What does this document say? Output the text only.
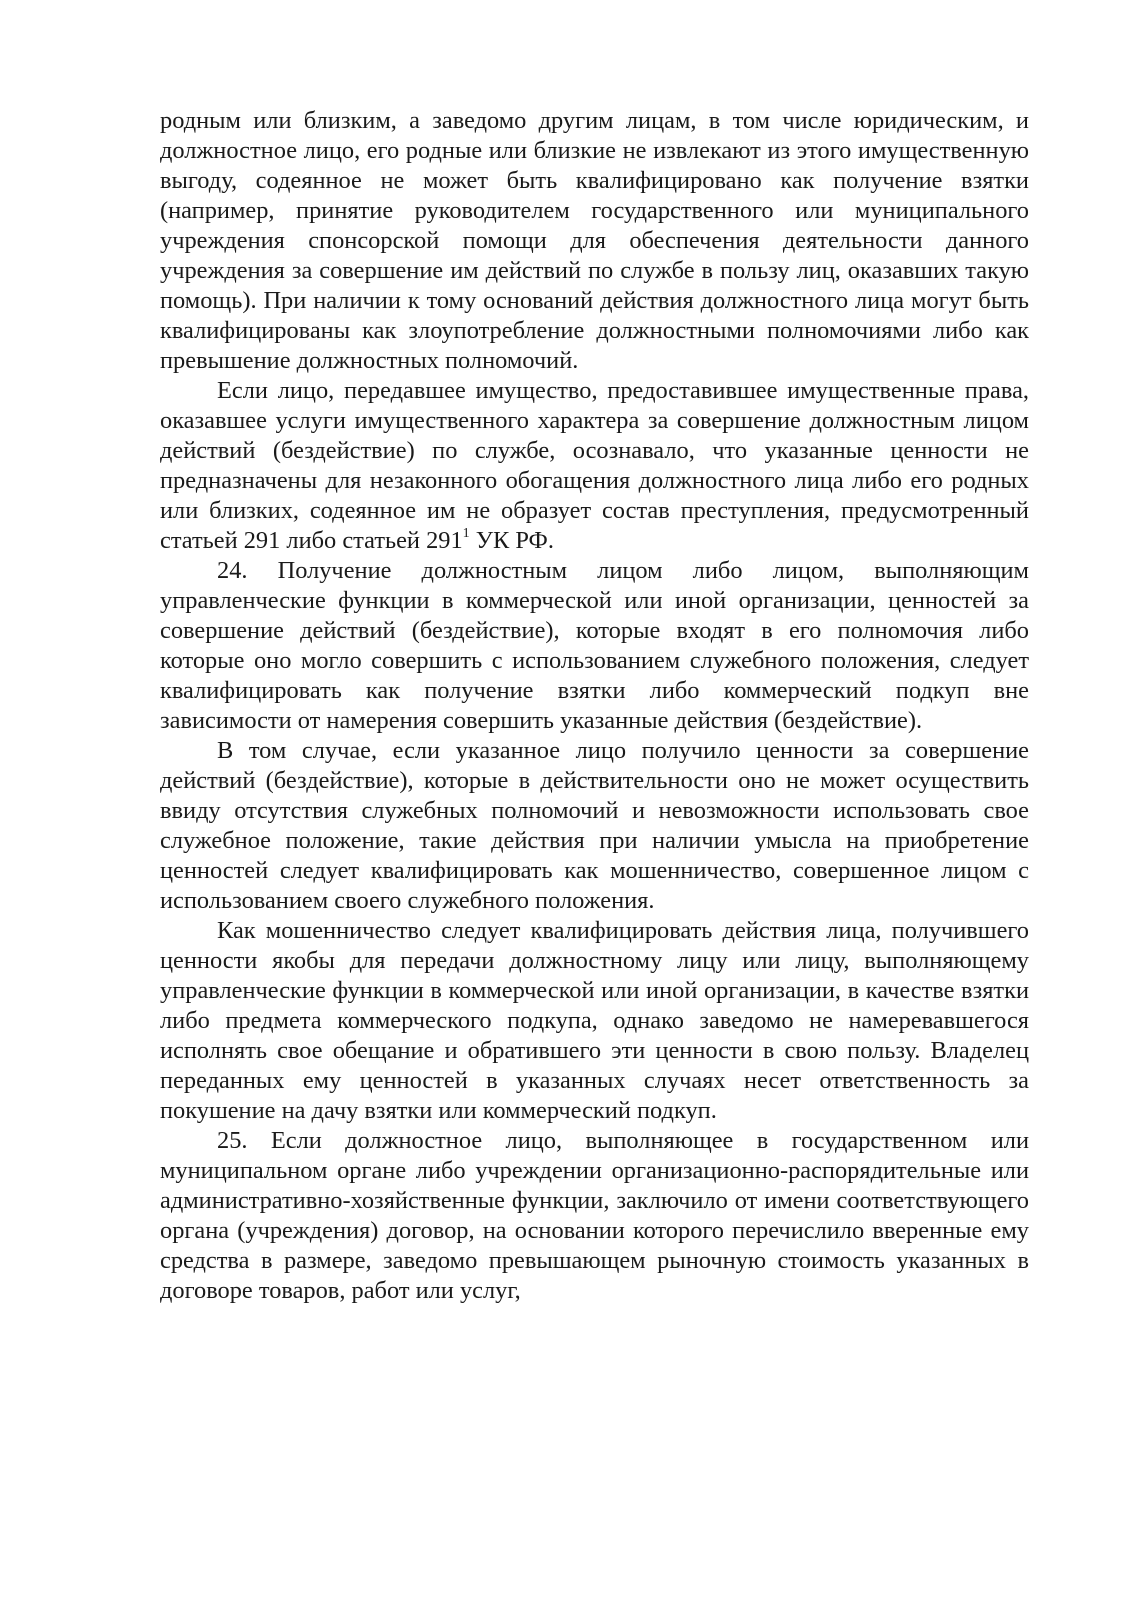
родным или близким, а заведомо другим лицам, в том числе юридическим, и должностное лицо, его родные или близкие не извлекают из этого имущественную выгоду, содеянное не может быть квалифицировано как получение взятки (например, принятие руководителем государственного или муниципального учреждения спонсорской помощи для обеспечения деятельности данного учреждения за совершение им действий по службе в пользу лиц, оказавших такую помощь). При наличии к тому оснований действия должностного лица могут быть квалифицированы как злоупотребление должностными полномочиями либо как превышение должностных полномочий.

Если лицо, передавшее имущество, предоставившее имущественные права, оказавшее услуги имущественного характера за совершение должностным лицом действий (бездействие) по службе, осознавало, что указанные ценности не предназначены для незаконного обогащения должностного лица либо его родных или близких, содеянное им не образует состав преступления, предусмотренный статьей 291 либо статьей $291^1$ УК РФ.

24. Получение должностным лицом либо лицом, выполняющим управленческие функции в коммерческой или иной организации, ценностей за совершение действий (бездействие), которые входят в его полномочия либо которые оно могло совершить с использованием служебного положения, следует квалифицировать как получение взятки либо коммерческий подкуп вне зависимости от намерения совершить указанные действия (бездействие).

В том случае, если указанное лицо получило ценности за совершение действий (бездействие), которые в действительности оно не может осуществить ввиду отсутствия служебных полномочий и невозможности использовать свое служебное положение, такие действия при наличии умысла на приобретение ценностей следует квалифицировать как мошенничество, совершенное лицом с использованием своего служебного положения.

Как мошенничество следует квалифицировать действия лица, получившего ценности якобы для передачи должностному лицу или лицу, выполняющему управленческие функции в коммерческой или иной организации, в качестве взятки либо предмета коммерческого подкупа, однако заведомо не намеревавшегося исполнять свое обещание и обратившего эти ценности в свою пользу. Владелец переданных ему ценностей в указанных случаях несет ответственность за покушение на дачу взятки или коммерческий подкуп.

25. Если должностное лицо, выполняющее в государственном или муниципальном органе либо учреждении организационно-распорядительные или административно-хозяйственные функции, заключило от имени соответствующего органа (учреждения) договор, на основании которого перечислило вверенные ему средства в размере, заведомо превышающем рыночную стоимость указанных в договоре товаров, работ или услуг,
